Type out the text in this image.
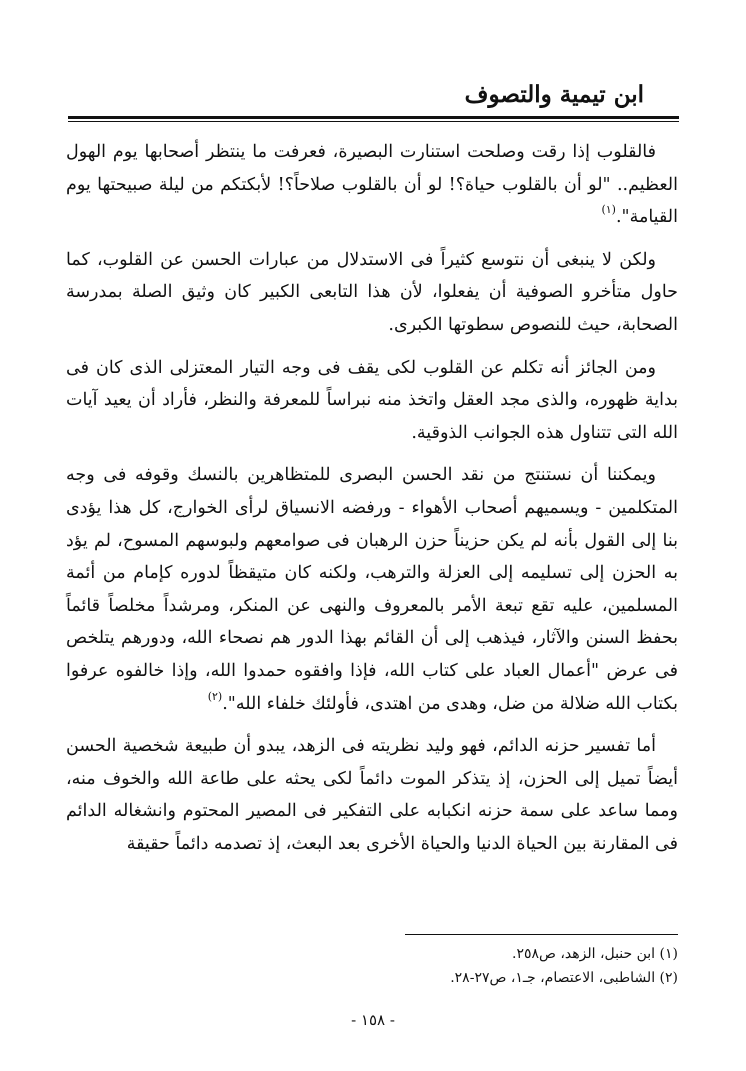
ابن تيمية والتصوف

فالقلوب إذا رقت وصلحت استنارت البصيرة، فعرفت ما ينتظر أصحابها يوم الهول العظيم.. "لو أن بالقلوب حياة؟! لو أن بالقلوب صلاحاً؟! لأبكتكم من ليلة صبيحتها يوم القيامة".$^{(١)}$

ولكن لا ينبغى أن نتوسع كثيراً فى الاستدلال من عبارات الحسن عن القلوب، كما حاول متأخرو الصوفية أن يفعلوا، لأن هذا التابعى الكبير كان وثيق الصلة بمدرسة الصحابة، حيث للنصوص سطوتها الكبرى.

ومن الجائز أنه تكلم عن القلوب لكى يقف فى وجه التيار المعتزلى الذى كان فى بداية ظهوره، والذى مجد العقل واتخذ منه نبراساً للمعرفة والنظر، فأراد أن يعيد آيات الله التى تتناول هذه الجوانب الذوقية.

ويمكننا أن نستنتج من نقد الحسن البصرى للمتظاهرين بالنسك وقوفه فى وجه المتكلمين - ويسميهم أصحاب الأهواء - ورفضه الانسياق لرأى الخوارج، كل هذا يؤدى بنا إلى القول بأنه لم يكن حزيناً حزن الرهبان فى صوامعهم ولبوسهم المسوح، لم يؤد به الحزن إلى تسليمه إلى العزلة والترهب، ولكنه كان متيقظاً لدوره كإمام من أئمة المسلمين، عليه تقع تبعة الأمر بالمعروف والنهى عن المنكر، ومرشداً مخلصاً قائماً بحفظ السنن والآثار، فيذهب إلى أن القائم بهذا الدور هم نصحاء الله، ودورهم يتلخص فى عرض "أعمال العباد على كتاب الله، فإذا وافقوه حمدوا الله، وإذا خالفوه عرفوا بكتاب الله ضلالة من ضل، وهدى من اهتدى، فأولئك خلفاء الله".$^{(٢)}$

أما تفسير حزنه الدائم، فهو وليد نظريته فى الزهد، يبدو أن طبيعة شخصية الحسن أيضاً تميل إلى الحزن، إذ يتذكر الموت دائماً لكى يحثه على طاعة الله والخوف منه، ومما ساعد على سمة حزنه انكبابه على التفكير فى المصير المحتوم وانشغاله الدائم فى المقارنة بين الحياة الدنيا والحياة الأخرى بعد البعث، إذ تصدمه دائماً حقيقة

(١) ابن حنبل، الزهد، ص٢٥٨.
(٢) الشاطبى، الاعتصام، جـ١، ص٢٧-٢٨.
- ١٥٨ -
